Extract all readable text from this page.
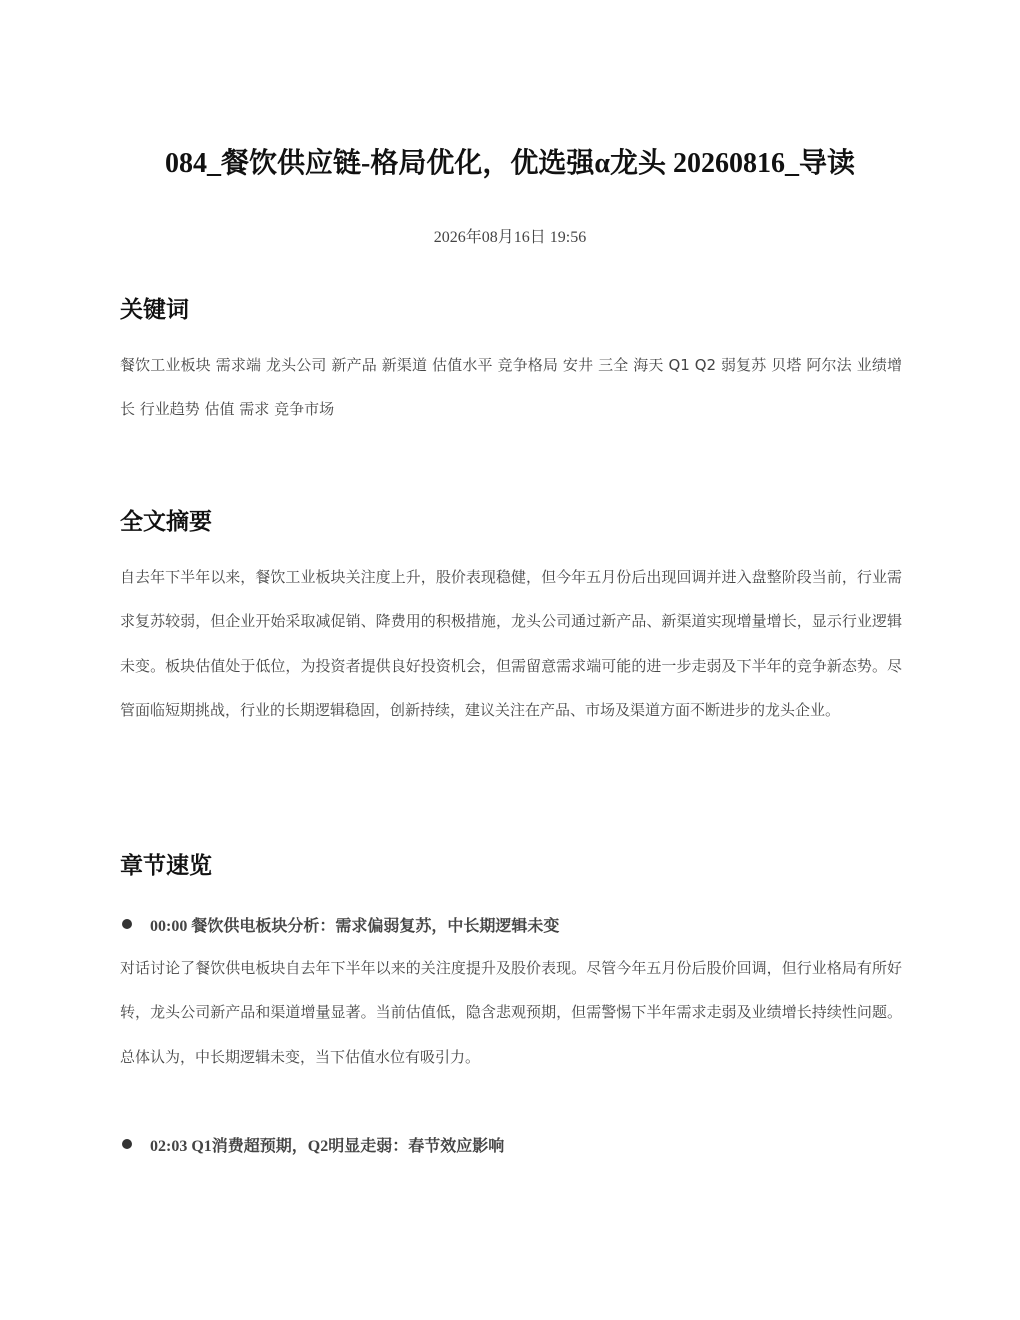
084_餐饮供应链-格局优化，优选强α龙头 20260816_导读
2026年08月16日 19:56
关键词

餐饮工业板块 需求端 龙头公司 新产品 新渠道 估值水平 竞争格局 安井 三全 海天 Q1 Q2 弱复苏 贝塔 阿尔法 业绩增长 行业趋势 估值 需求 竞争市场

全文摘要

自去年下半年以来，餐饮工业板块关注度上升，股价表现稳健，但今年五月份后出现回调并进入盘整阶段当前，行业需求复苏较弱，但企业开始采取减促销、降费用的积极措施，龙头公司通过新产品、新渠道实现增量增长，显示行业逻辑未变。板块估值处于低位，为投资者提供良好投资机会，但需留意需求端可能的进一步走弱及下半年的竞争新态势。尽管面临短期挑战，行业的长期逻辑稳固，创新持续，建议关注在产品、市场及渠道方面不断进步的龙头企业。

章节速览
00:00 餐饮供电板块分析：需求偏弱复苏，中长期逻辑未变

对话讨论了餐饮供电板块自去年下半年以来的关注度提升及股价表现。尽管今年五月份后股价回调，但行业格局有所好转，龙头公司新产品和渠道增量显著。当前估值低，隐含悲观预期，但需警惕下半年需求走弱及业绩增长持续性问题。总体认为，中长期逻辑未变，当下估值水位有吸引力。

02:03 Q1消费超预期，Q2明显走弱：春节效应影响
